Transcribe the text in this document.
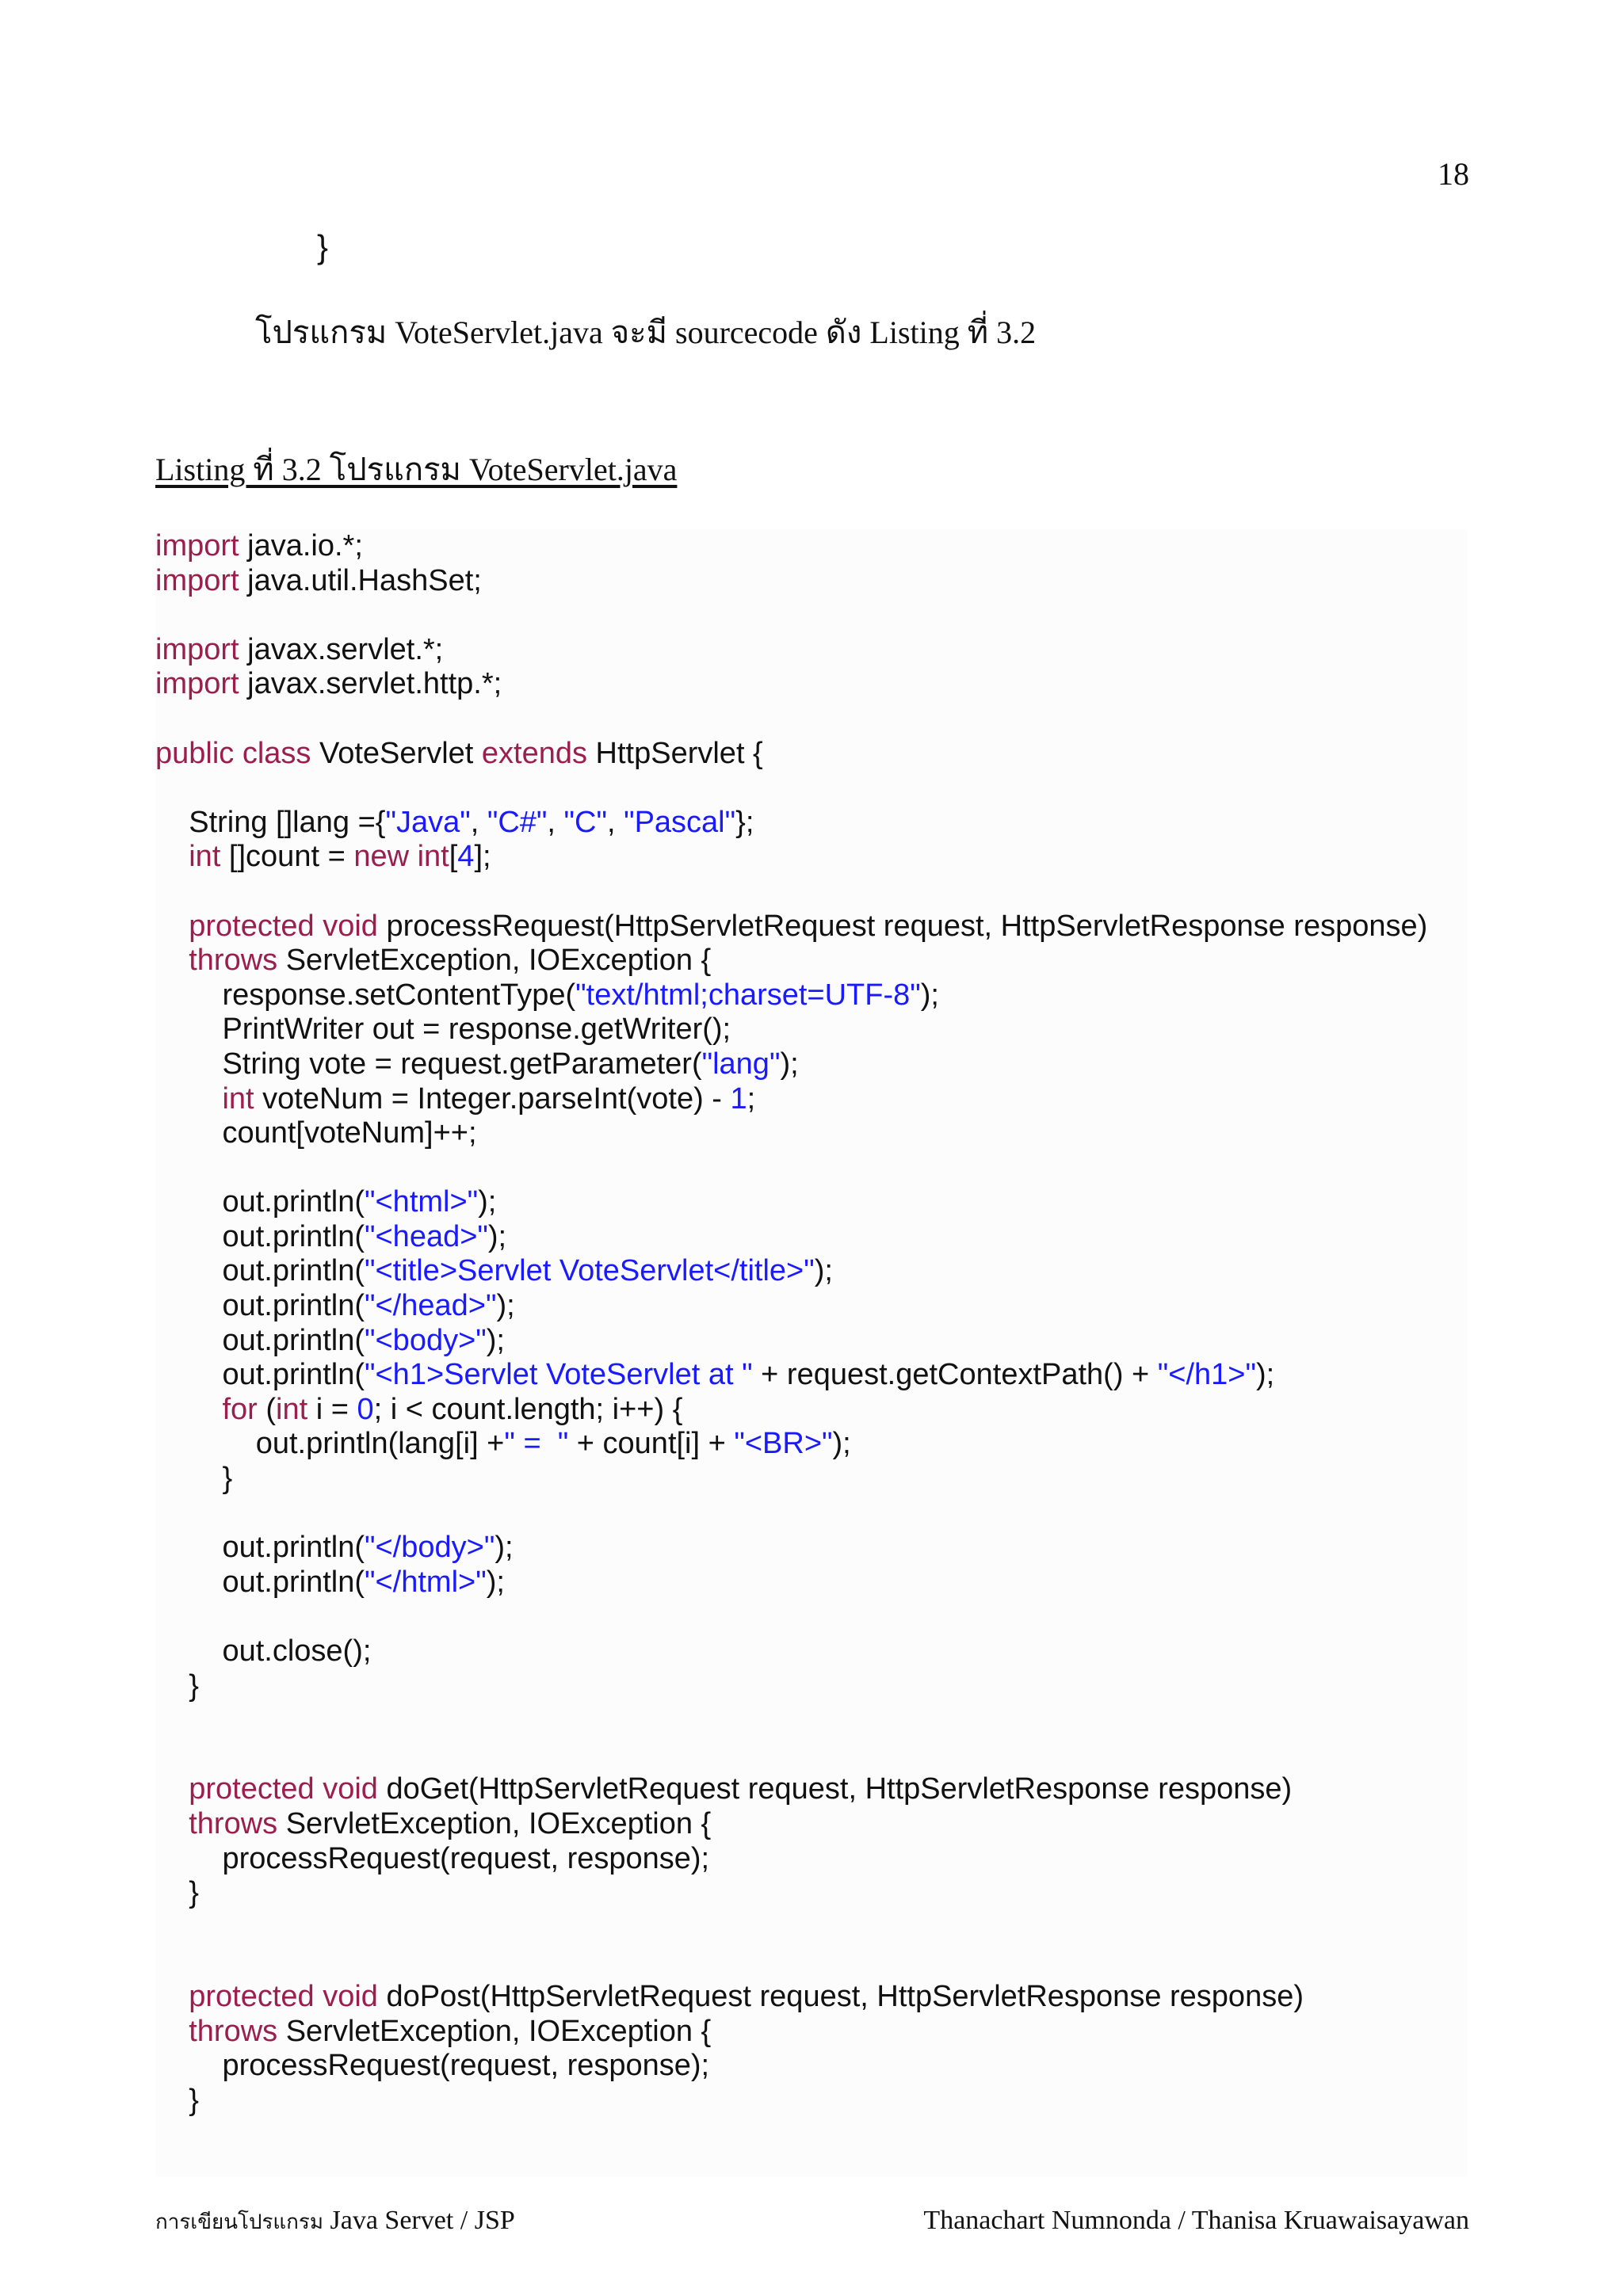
18
}
โปรแกรม VoteServlet.java จะมี sourcecode ดัง Listing ที่ 3.2
Listing ที่ 3.2 โปรแกรม VoteServlet.java
import java.io.*;
import java.util.HashSet;

import javax.servlet.*;
import javax.servlet.http.*;

public class VoteServlet extends HttpServlet {

String []lang ={"Java", "C#", "C", "Pascal"};
int []count = new int[4];

protected void processRequest(HttpServletRequest request, HttpServletResponse response)
throws ServletException, IOException {
response.setContentType("text/html;charset=UTF-8");
PrintWriter out = response.getWriter();
String vote = request.getParameter("lang");
int voteNum = Integer.parseInt(vote) - 1;
count[voteNum]++;

out.println("<html>");
out.println("<head>");
out.println("<title>Servlet VoteServlet</title>");
out.println("</head>");
out.println("<body>");
out.println("<h1>Servlet VoteServlet at " + request.getContextPath() + "</h1>");
for (int i = 0; i < count.length; i++) {
out.println(lang[i] +" =  " + count[i] + "<BR>");
}

out.println("</body>");
out.println("</html>");

out.close();
}

protected void doGet(HttpServletRequest request, HttpServletResponse response)
throws ServletException, IOException {
processRequest(request, response);
}

protected void doPost(HttpServletRequest request, HttpServletResponse response)
throws ServletException, IOException {
processRequest(request, response);
}
การเขียนโปรแกรม Java Servet / JSP	Thanachart Numnonda / Thanisa Kruawaisayawan
